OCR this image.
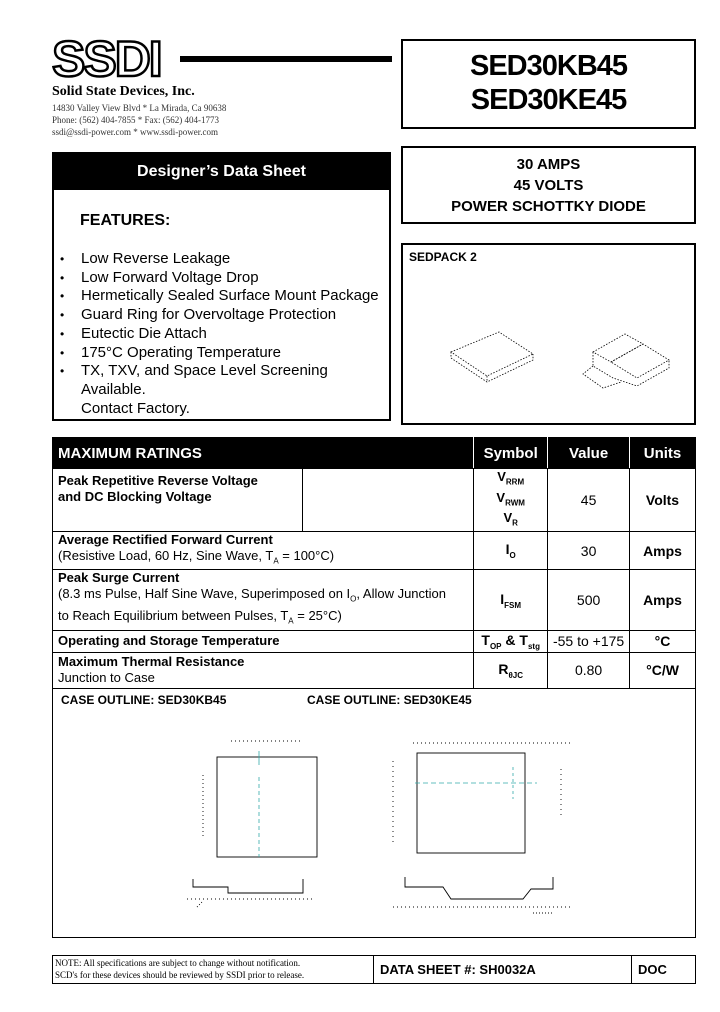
SSDI
Solid State Devices, Inc.
14830 Valley View Blvd * La Mirada, Ca 90638
Phone: (562) 404-7855 * Fax: (562) 404-1773
ssdi@ssdi-power.com * www.ssdi-power.com
SED30KB45
SED30KE45
30 AMPS
45 VOLTS
POWER SCHOTTKY DIODE
SEDPACK 2
Designer’s Data Sheet
FEATURES:
• Low Reverse Leakage
• Low Forward Voltage Drop
• Hermetically Sealed Surface Mount Package
• Guard Ring for Overvoltage Protection
• Eutectic Die Attach
• 175°C Operating Temperature
• TX, TXV, and Space Level Screening Available.
Contact Factory.
MAXIMUM RATINGS		Symbol	Value	Units
Peak Repetitive Reverse Voltage
and DC Blocking Voltage		$V_{RRM}$
$V_{RWM}$
$V_R$	45	Volts
Average Rectified Forward Current
(Resistive Load, 60 Hz, Sine Wave, $T_A = 100^\circ C$)		$I_O$	30	Amps
Peak Surge Current
(8.3 ms Pulse, Half Sine Wave, Superimposed on $I_O$, Allow Junction
to Reach Equilibrium between Pulses, $T_A = 25^\circ C$)		$I_{FSM}$	500	Amps
Operating and Storage Temperature		$T_{OP}$ & $T_{stg}$	-55 to +175	°C
Maximum Thermal Resistance
Junction to Case		$R_{\theta JC}$	0.80	°C/W
CASE OUTLINE: SED30KB45	CASE OUTLINE: SED30KE45
NOTE: All specifications are subject to change without notification.
SCD's for these devices should be reviewed by SSDI prior to release.	DATA SHEET #: SH0032A	DOC
